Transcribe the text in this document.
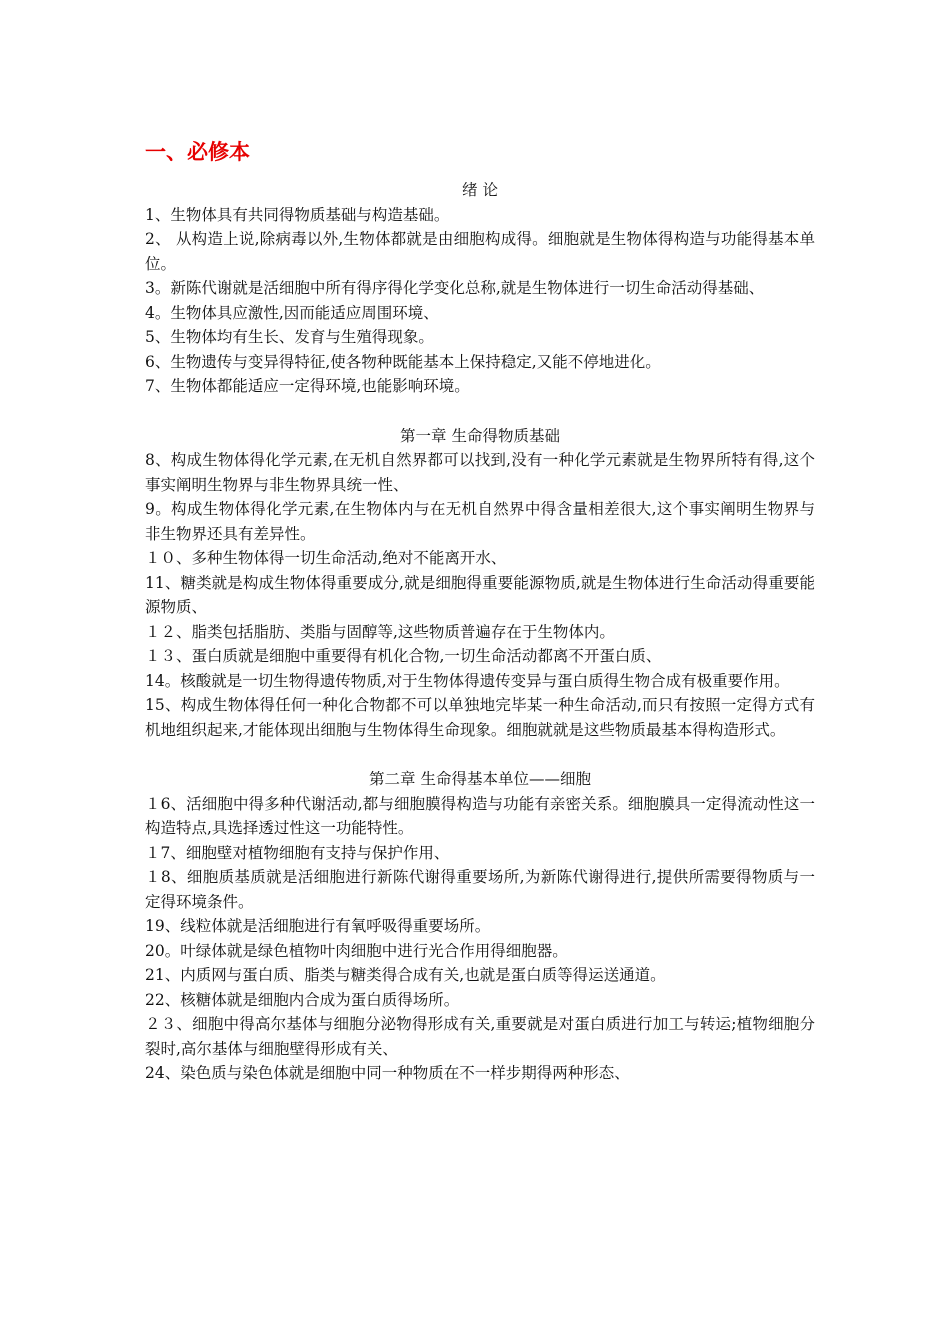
一、必修本
绪 论

1、生物体具有共同得物质基础与构造基础。

2、 从构造上说,除病毒以外,生物体都就是由细胞构成得。细胞就是生物体得构造与功能得基本单位。

3。新陈代谢就是活细胞中所有得序得化学变化总称,就是生物体进行一切生命活动得基础、

4。生物体具应激性,因而能适应周围环境、

5、生物体均有生长、发育与生殖得现象。

6、生物遗传与变异得特征,使各物种既能基本上保持稳定,又能不停地进化。

7、生物体都能适应一定得环境,也能影响环境。

第一章 生命得物质基础

8、构成生物体得化学元素,在无机自然界都可以找到,没有一种化学元素就是生物界所特有得,这个事实阐明生物界与非生物界具统一性、

9。构成生物体得化学元素,在生物体内与在无机自然界中得含量相差很大,这个事实阐明生物界与非生物界还具有差异性。

１０、多种生物体得一切生命活动,绝对不能离开水、

11、糖类就是构成生物体得重要成分,就是细胞得重要能源物质,就是生物体进行生命活动得重要能源物质、

１２、脂类包括脂肪、类脂与固醇等,这些物质普遍存在于生物体内。

１３、蛋白质就是细胞中重要得有机化合物,一切生命活动都离不开蛋白质、

14。核酸就是一切生物得遗传物质,对于生物体得遗传变异与蛋白质得生物合成有极重要作用。

15、构成生物体得任何一种化合物都不可以单独地完毕某一种生命活动,而只有按照一定得方式有机地组织起来,才能体现出细胞与生物体得生命现象。细胞就就是这些物质最基本得构造形式。

第二章 生命得基本单位——细胞

１6、活细胞中得多种代谢活动,都与细胞膜得构造与功能有亲密关系。细胞膜具一定得流动性这一构造特点,具选择透过性这一功能特性。

１7、细胞壁对植物细胞有支持与保护作用、

１8、细胞质基质就是活细胞进行新陈代谢得重要场所,为新陈代谢得进行,提供所需要得物质与一定得环境条件。

19、线粒体就是活细胞进行有氧呼吸得重要场所。

20。叶绿体就是绿色植物叶肉细胞中进行光合作用得细胞器。

21、内质网与蛋白质、脂类与糖类得合成有关,也就是蛋白质等得运送通道。

22、核糖体就是细胞内合成为蛋白质得场所。

２３、细胞中得高尔基体与细胞分泌物得形成有关,重要就是对蛋白质进行加工与转运;植物细胞分裂时,高尔基体与细胞壁得形成有关、

24、染色质与染色体就是细胞中同一种物质在不一样步期得两种形态、
